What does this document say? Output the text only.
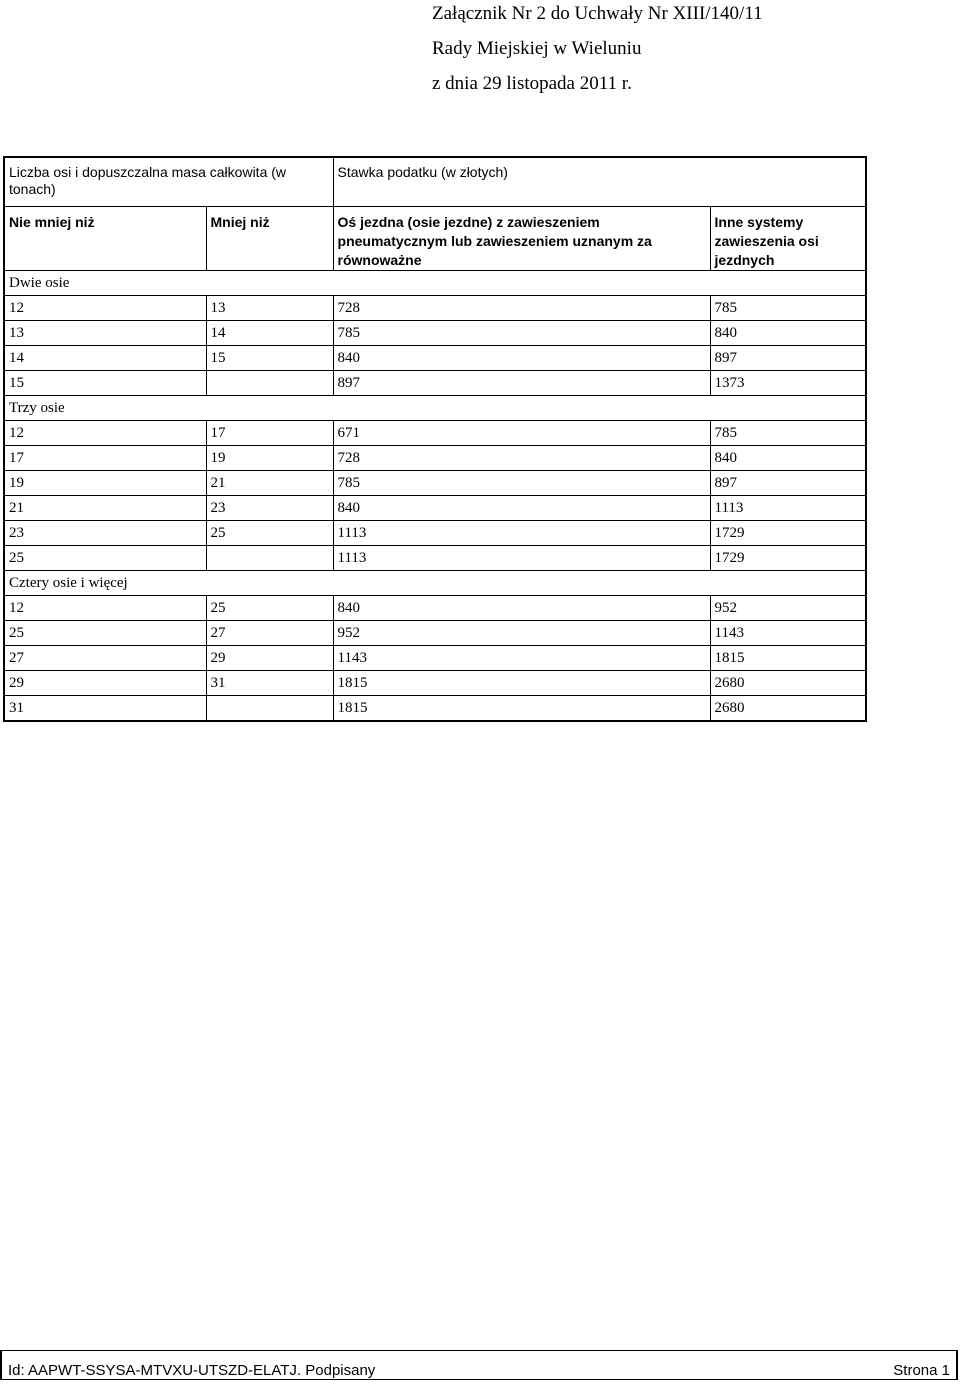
Załącznik Nr 2 do Uchwały Nr XIII/140/11
Rady Miejskiej w Wieluniu
z dnia 29 listopada 2011 r.
Liczba osi i dopuszczalna masa całkowita (w tonach)		Stawka podatku (w złotych)	
Nie mniej niż	Mniej niż	Oś jezdna (osie jezdne) z zawieszeniem pneumatycznym lub zawieszeniem uznanym za równoważne	Inne systemy zawieszenia osi jezdnych
Dwie osie			
12	13	728	785
13	14	785	840
14	15	840	897
15		897	1373
Trzy osie			
12	17	671	785
17	19	728	840
19	21	785	897
21	23	840	1113
23	25	1113	1729
25		1113	1729
Cztery osie i więcej			
12	25	840	952
25	27	952	1143
27	29	1143	1815
29	31	1815	2680
31		1815	2680
Id: AAPWT-SSYSA-MTVXU-UTSZD-ELATJ. Podpisany	Strona 1
